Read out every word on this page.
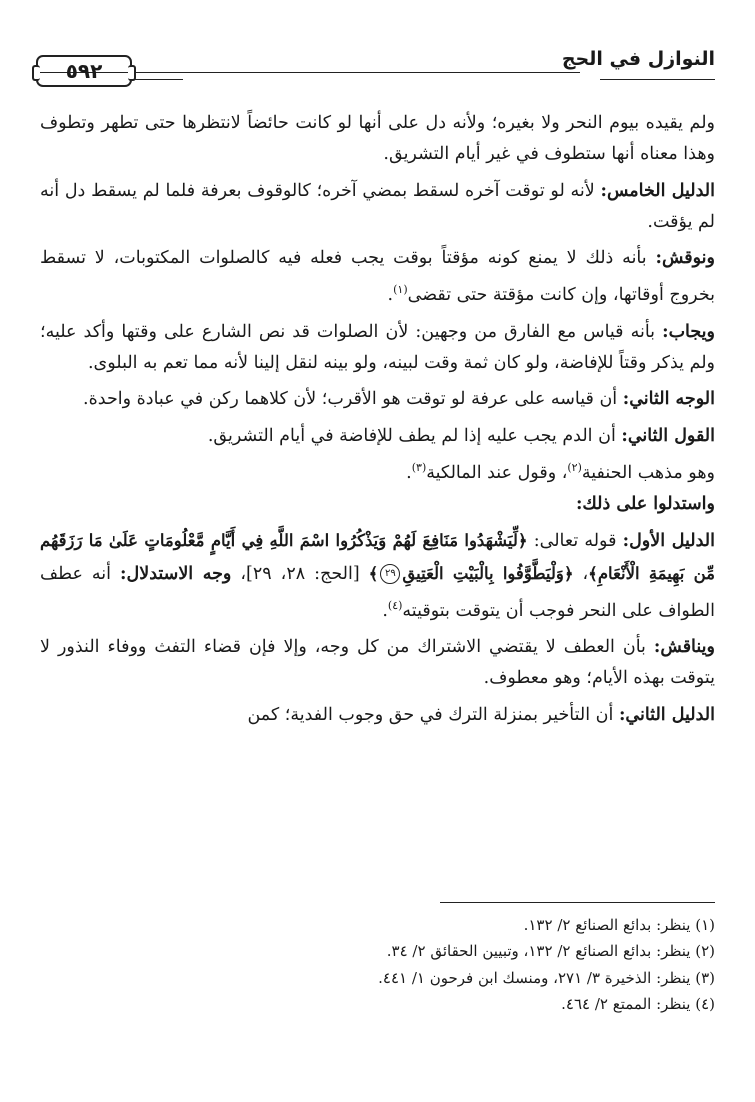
النوازل في الحج
٥٩٢

ولم يقيده بيوم النحر ولا بغيره؛ ولأنه دل على أنها لو كانت حائضاً لانتظرها حتى تطهر وتطوف وهذا معناه أنها ستطوف في غير أيام التشريق.

الدليل الخامس: لأنه لو توقت آخره لسقط بمضي آخره؛ كالوقوف بعرفة فلما لم يسقط دل أنه لم يؤقت.

ونوقش: بأنه ذلك لا يمنع كونه مؤقتاً بوقت يجب فعله فيه كالصلوات المكتوبات، لا تسقط بخروج أوقاتها، وإن كانت مؤقتة حتى تقضى$^{(١)}$.

ويجاب: بأنه قياس مع الفارق من وجهين: لأن الصلوات قد نص الشارع على وقتها وأكد عليه؛ ولم يذكر وقتاً للإفاضة، ولو كان ثمة وقت لبينه، ولو بينه لنقل إلينا لأنه مما تعم به البلوى.

الوجه الثاني: أن قياسه على عرفة لو توقت هو الأقرب؛ لأن كلاهما ركن في عبادة واحدة.

القول الثاني: أن الدم يجب عليه إذا لم يطف للإفاضة في أيام التشريق.

وهو مذهب الحنفية$^{(٢)}$، وقول عند المالكية$^{(٣)}$.

واستدلوا على ذلك:

الدليل الأول: قوله تعالى: ﴿لِّيَشْهَدُوا مَنَافِعَ لَهُمْ وَيَذْكُرُوا اسْمَ اللَّهِ فِي أَيَّامٍ مَّعْلُومَاتٍ عَلَىٰ مَا رَزَقَهُم مِّن بَهِيمَةِ الْأَنْعَامِ﴾، ﴿وَلْيَطَّوَّفُوا بِالْبَيْتِ الْعَتِيقِ٢٩﴾ [الحج: ٢٨، ٢٩]، وجه الاستدلال: أنه عطف الطواف على النحر فوجب أن يتوقت بتوقيته$^{(٤)}$.

ويناقش: بأن العطف لا يقتضي الاشتراك من كل وجه، وإلا فإن قضاء التفث ووفاء النذور لا يتوقت بهذه الأيام؛ وهو معطوف.

الدليل الثاني: أن التأخير بمنزلة الترك في حق وجوب الفدية؛ كمن

(١) ينظر: بدائع الصنائع ٢/ ١٣٢.

(٢) ينظر: بدائع الصنائع ٢/ ١٣٢، وتبيين الحقائق ٢/ ٣٤.

(٣) ينظر: الذخيرة ٣/ ٢٧١، ومنسك ابن فرحون ١/ ٤٤١.

(٤) ينظر: الممتع ٢/ ٤٦٤.
